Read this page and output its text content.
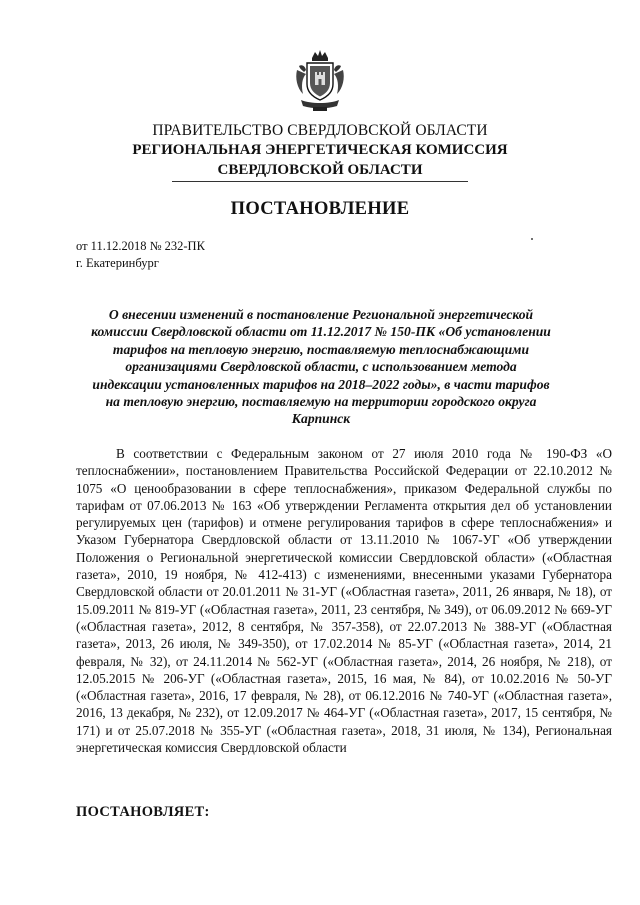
ПРАВИТЕЛЬСТВО СВЕРДЛОВСКОЙ ОБЛАСТИ
РЕГИОНАЛЬНАЯ ЭНЕРГЕТИЧЕСКАЯ КОМИССИЯ
СВЕРДЛОВСКОЙ ОБЛАСТИ
ПОСТАНОВЛЕНИЕ
от 11.12.2018 № 232-ПК
г. Екатеринбург
О внесении изменений в постановление Региональной энергетической комиссии Свердловской области от 11.12.2017 № 150-ПК «Об установлении тарифов на тепловую энергию, поставляемую теплоснабжающими организациями Свердловской области, с использованием метода индексации установленных тарифов на 2018–2022 годы», в части тарифов на тепловую энергию, поставляемую на территории городского округа Карпинск

В соответствии с Федеральным законом от 27 июля 2010 года № 190-ФЗ «О теплоснабжении», постановлением Правительства Российской Федерации от 22.10.2012 № 1075 «О ценообразовании в сфере теплоснабжения», приказом Федеральной службы по тарифам от 07.06.2013 № 163 «Об утверждении Регламента открытия дел об установлении регулируемых цен (тарифов) и отмене регулирования тарифов в сфере теплоснабжения» и Указом Губернатора Свердловской области от 13.11.2010 № 1067-УГ «Об утверждении Положения о Региональной энергетической комиссии Свердловской области» («Областная газета», 2010, 19 ноября, № 412-413) с изменениями, внесенными указами Губернатора Свердловской области от 20.01.2011 № 31-УГ («Областная газета», 2011, 26 января, № 18), от 15.09.2011 № 819-УГ («Областная газета», 2011, 23 сентября, № 349), от 06.09.2012 № 669-УГ («Областная газета», 2012, 8 сентября, № 357-358), от 22.07.2013 № 388-УГ («Областная газета», 2013, 26 июля, № 349-350), от 17.02.2014 № 85-УГ («Областная газета», 2014, 21 февраля, № 32), от 24.11.2014 № 562-УГ («Областная газета», 2014, 26 ноября, № 218), от 12.05.2015 № 206-УГ («Областная газета», 2015, 16 мая, № 84), от 10.02.2016 № 50-УГ («Областная газета», 2016, 17 февраля, № 28), от 06.12.2016 № 740-УГ («Областная газета», 2016, 13 декабря, № 232), от 12.09.2017 № 464-УГ («Областная газета», 2017, 15 сентября, № 171) и от 25.07.2018 № 355-УГ («Областная газета», 2018, 31 июля, № 134), Региональная энергетическая комиссия Свердловской области

ПОСТАНОВЛЯЕТ:
